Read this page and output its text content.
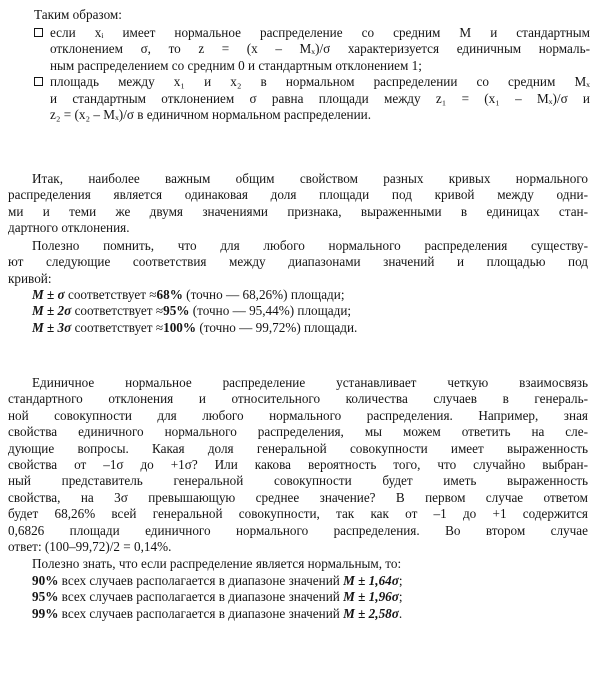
Таким образом:
если xᵢ имеет нормальное распределение со средним M и стандартным
отклонением σ, то z = (x – Mₓ)/σ характеризуется единичным нормаль-
ным распределением со средним 0 и стандартным отклонением 1;
площадь между x₁ и x₂ в нормальном распределении со средним Mₓ
и стандартным отклонением σ равна площади между z₁ = (x₁ – Mₓ)/σ и
z₂ = (x₂ – Mₓ)/σ в единичном нормальном распределении.
Итак, наиболее важным общим свойством разных кривых нормального
распределения является одинаковая доля площади под кривой между одни-
ми и теми же двумя значениями признака, выраженными в единицах стан-
дартного отклонения.
Полезно помнить, что для любого нормального распределения существу-
ют следующие соответствия между диапазонами значений и площадью под
кривой:
M ± σ соответствует ≈68% (точно — 68,26%) площади;
M ± 2σ соответствует ≈95% (точно — 95,44%) площади;
M ± 3σ соответствует ≈100% (точно — 99,72%) площади.
Единичное нормальное распределение устанавливает четкую взаимосвязь
стандартного отклонения и относительного количества случаев в генераль-
ной совокупности для любого нормального распределения. Например, зная
свойства единичного нормального распределения, мы можем ответить на сле-
дующие вопросы. Какая доля генеральной совокупности имеет выраженность
свойства от –1σ до +1σ? Или какова вероятность того, что случайно выбран-
ный представитель генеральной совокупности будет иметь выраженность
свойства, на 3σ превышающую среднее значение? В первом случае ответом
будет 68,26% всей генеральной совокупности, так как от –1 до +1 содержится
0,6826 площади единичного нормального распределения. Во втором случае
ответ: (100–99,72)/2 = 0,14%.
Полезно знать, что если распределение является нормальным, то:
90% всех случаев располагается в диапазоне значений M ± 1,64σ;
95% всех случаев располагается в диапазоне значений M ± 1,96σ;
99% всех случаев располагается в диапазоне значений M ± 2,58σ.
